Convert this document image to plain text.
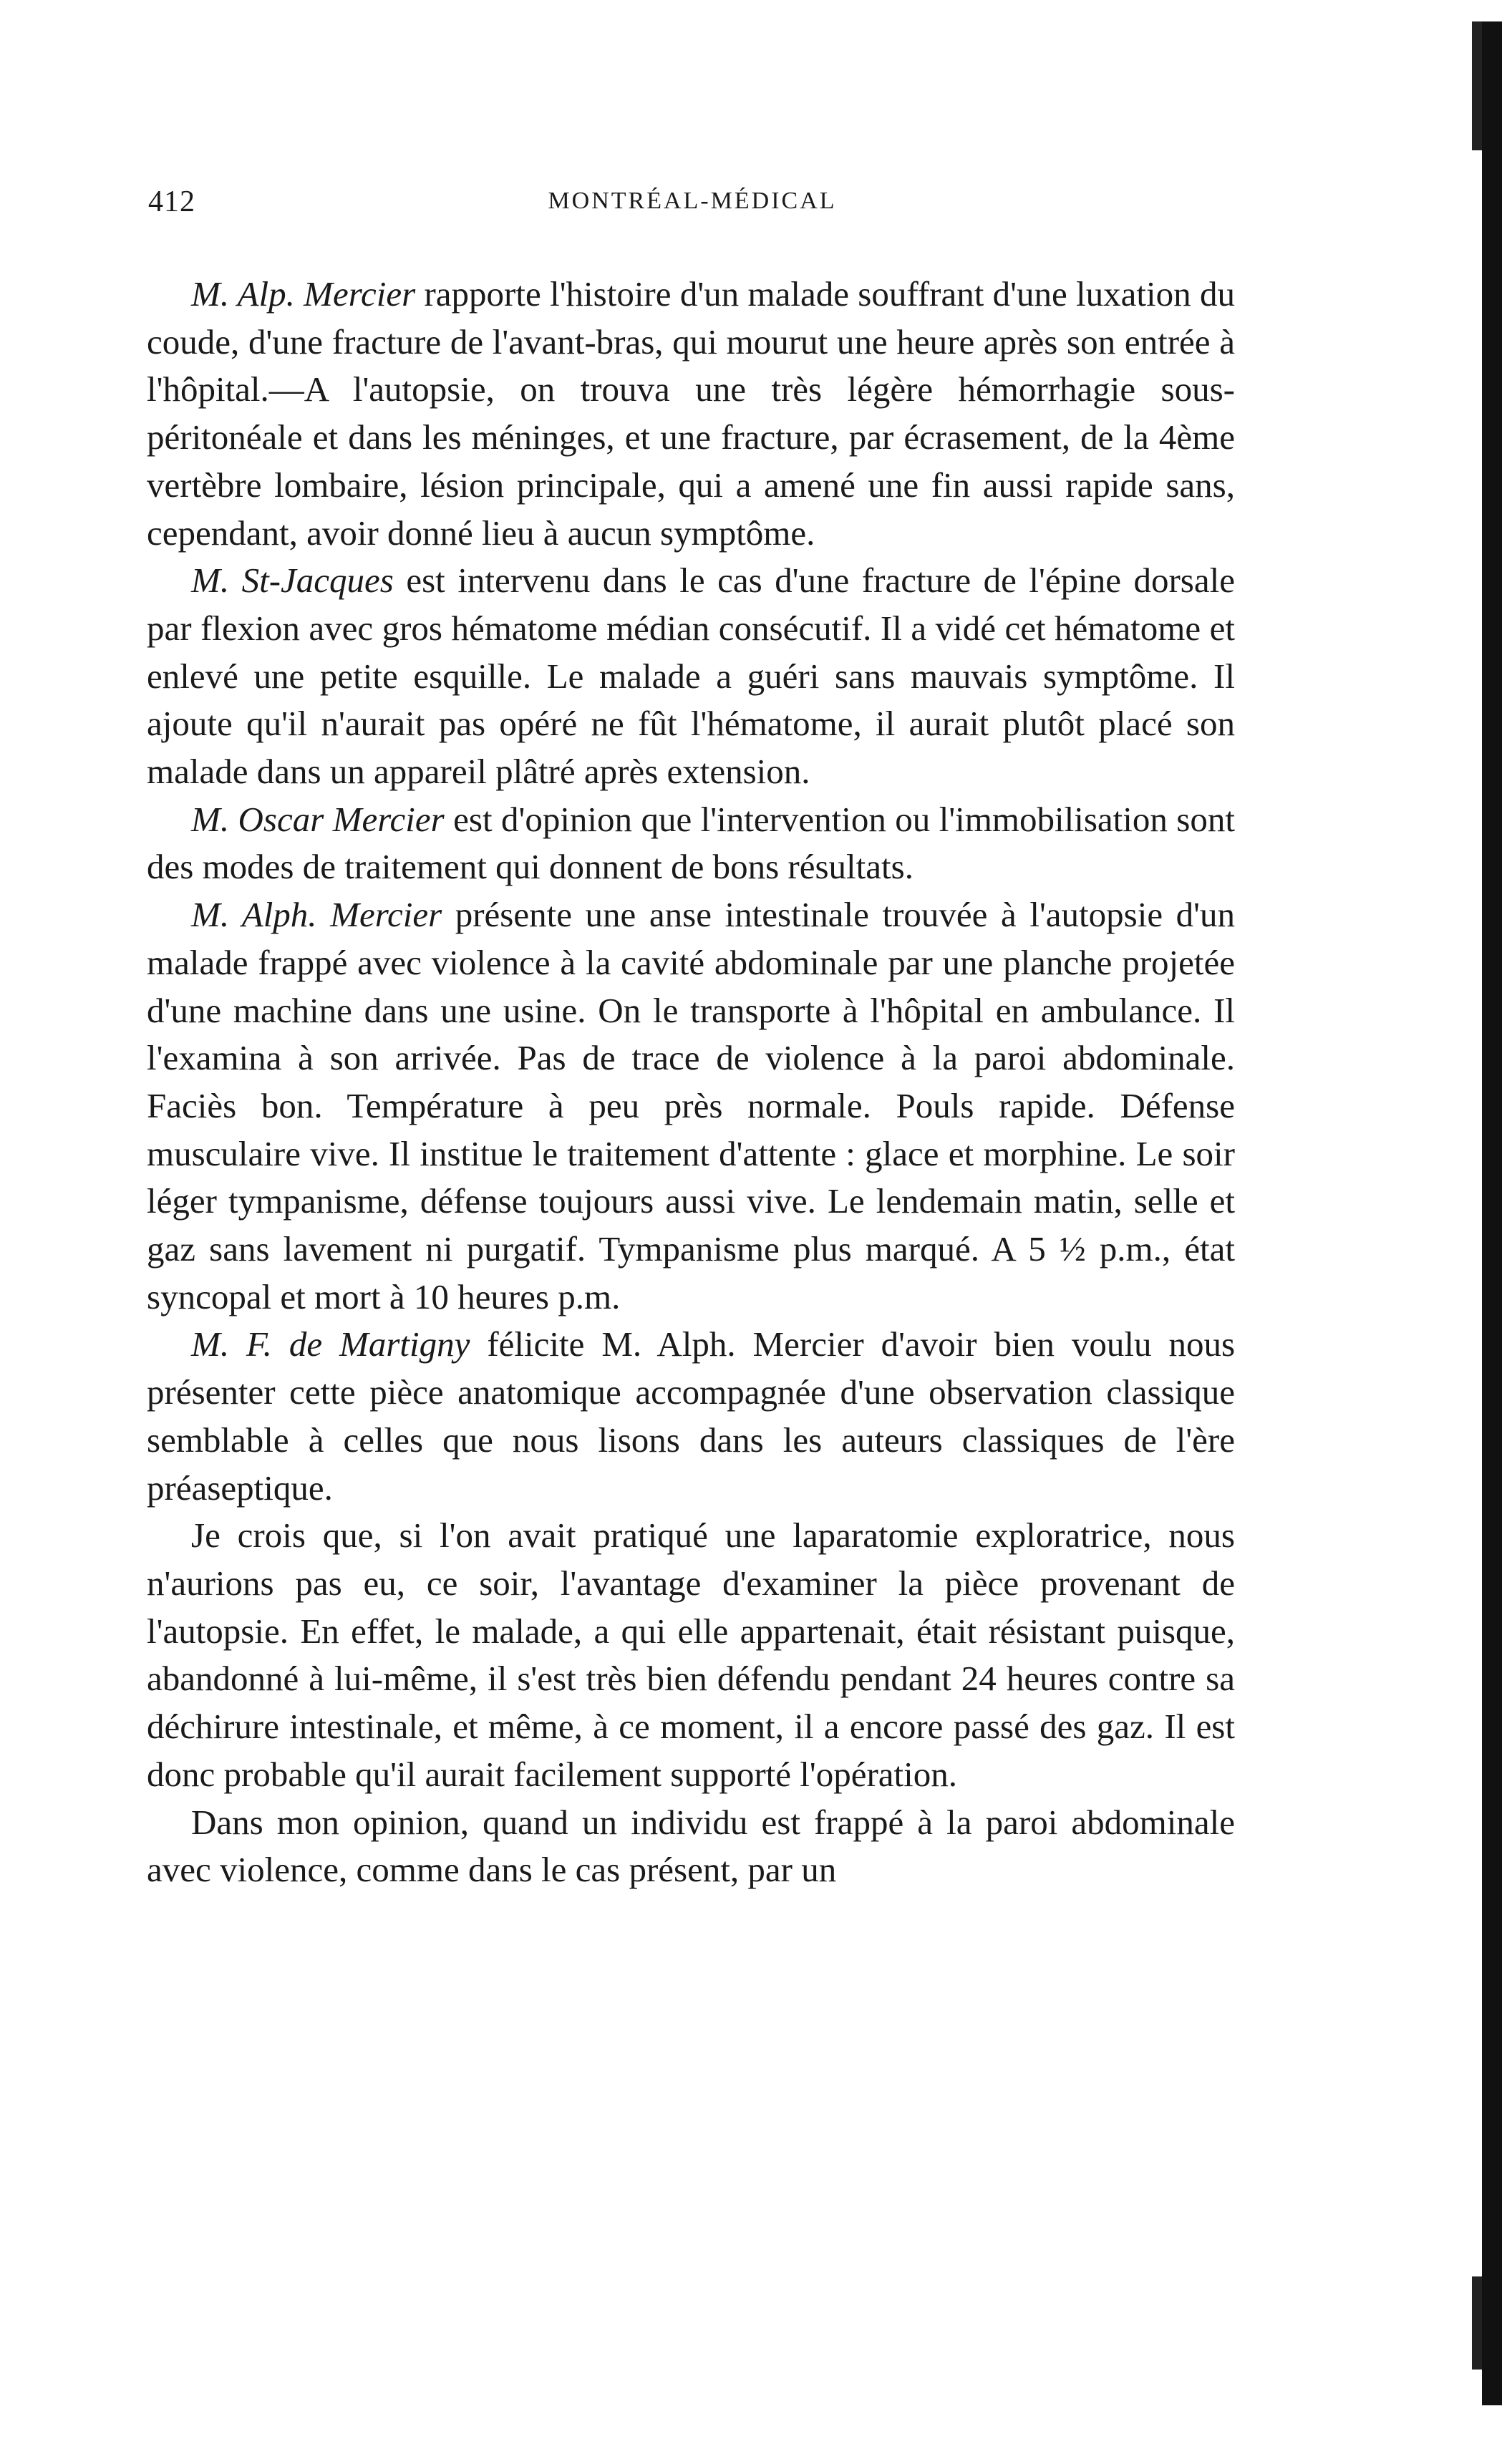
412	MONTRÉAL-MÉDICAL

M. Alp. Mercier rapporte l'histoire d'un malade souffrant d'une luxation du coude, d'une fracture de l'avant-bras, qui mourut une heure après son entrée à l'hôpital.—A l'autopsie, on trouva une très légère hémorrhagie sous-péritonéale et dans les méninges, et une fracture, par écrasement, de la 4ème vertèbre lombaire, lésion principale, qui a amené une fin aussi rapide sans, cependant, avoir donné lieu à aucun symptôme.

M. St-Jacques est intervenu dans le cas d'une fracture de l'épine dorsale par flexion avec gros hématome médian consécutif. Il a vidé cet hématome et enlevé une petite esquille. Le malade a guéri sans mauvais symptôme. Il ajoute qu'il n'aurait pas opéré ne fût l'hématome, il aurait plutôt placé son malade dans un appareil plâtré après extension.

M. Oscar Mercier est d'opinion que l'intervention ou l'immobilisation sont des modes de traitement qui donnent de bons résultats.

M. Alph. Mercier présente une anse intestinale trouvée à l'autopsie d'un malade frappé avec violence à la cavité abdominale par une planche projetée d'une machine dans une usine. On le transporte à l'hôpital en ambulance. Il l'examina à son arrivée. Pas de trace de violence à la paroi abdominale. Faciès bon. Température à peu près normale. Pouls rapide. Défense musculaire vive. Il institue le traitement d'attente : glace et morphine. Le soir léger tympanisme, défense toujours aussi vive. Le lendemain matin, selle et gaz sans lavement ni purgatif. Tympanisme plus marqué. A 5 ½ p.m., état syncopal et mort à 10 heures p.m.

M. F. de Martigny félicite M. Alph. Mercier d'avoir bien voulu nous présenter cette pièce anatomique accompagnée d'une observation classique semblable à celles que nous lisons dans les auteurs classiques de l'ère préaseptique.

Je crois que, si l'on avait pratiqué une laparatomie exploratrice, nous n'aurions pas eu, ce soir, l'avantage d'examiner la pièce provenant de l'autopsie. En effet, le malade, a qui elle appartenait, était résistant puisque, abandonné à lui-même, il s'est très bien défendu pendant 24 heures contre sa déchirure intestinale, et même, à ce moment, il a encore passé des gaz. Il est donc probable qu'il aurait facilement supporté l'opération.

Dans mon opinion, quand un individu est frappé à la paroi abdominale avec violence, comme dans le cas présent, par un
